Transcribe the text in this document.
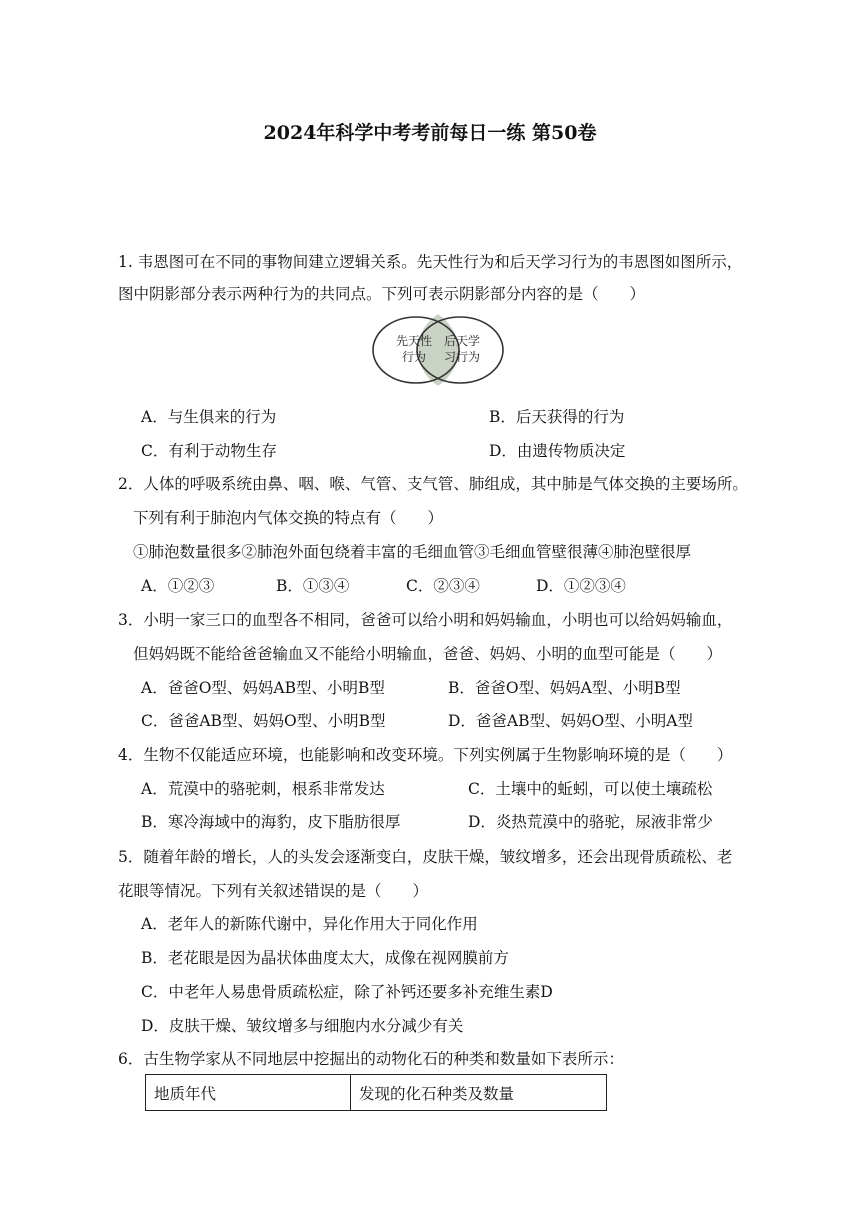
2024年科学中考考前每日一练 第50卷
1. 韦恩图可在不同的事物间建立逻辑关系。先天性行为和后天学习行为的韦恩图如图所示，
图中阴影部分表示两种行为的共同点。下列可表示阴影部分内容的是（　　）
先天性
行为
后天学
习行为
A．与生俱来的行为	B．后天获得的行为
C．有利于动物生存	D．由遗传物质决定
2．人体的呼吸系统由鼻、咽、喉、气管、支气管、肺组成，其中肺是气体交换的主要场所。
下列有利于肺泡内气体交换的特点有（　　）
①肺泡数量很多②肺泡外面包绕着丰富的毛细血管③毛细血管壁很薄④肺泡壁很厚
A．①②③	B．①③④	C．②③④	D．①②③④
3．小明一家三口的血型各不相同，爸爸可以给小明和妈妈输血，小明也可以给妈妈输血，
但妈妈既不能给爸爸输血又不能给小明输血，爸爸、妈妈、小明的血型可能是（　　）
A．爸爸O型、妈妈AB型、小明B型	B．爸爸O型、妈妈A型、小明B型
C．爸爸AB型、妈妈O型、小明B型	D．爸爸AB型、妈妈O型、小明A型
4．生物不仅能适应环境，也能影响和改变环境。下列实例属于生物影响环境的是（　　）
A．荒漠中的骆驼刺，根系非常发达	C．土壤中的蚯蚓，可以使土壤疏松
B．寒冷海域中的海豹，皮下脂肪很厚	D．炎热荒漠中的骆驼，尿液非常少
5．随着年龄的增长，人的头发会逐渐变白，皮肤干燥，皱纹增多，还会出现骨质疏松、老
花眼等情况。下列有关叙述错误的是（　　）
A．老年人的新陈代谢中，异化作用大于同化作用
B．老花眼是因为晶状体曲度太大，成像在视网膜前方
C．中老年人易患骨质疏松症，除了补钙还要多补充维生素D
D．皮肤干燥、皱纹增多与细胞内水分减少有关
6．古生物学家从不同地层中挖掘出的动物化石的种类和数量如下表所示：
地质年代	发现的化石种类及数量
